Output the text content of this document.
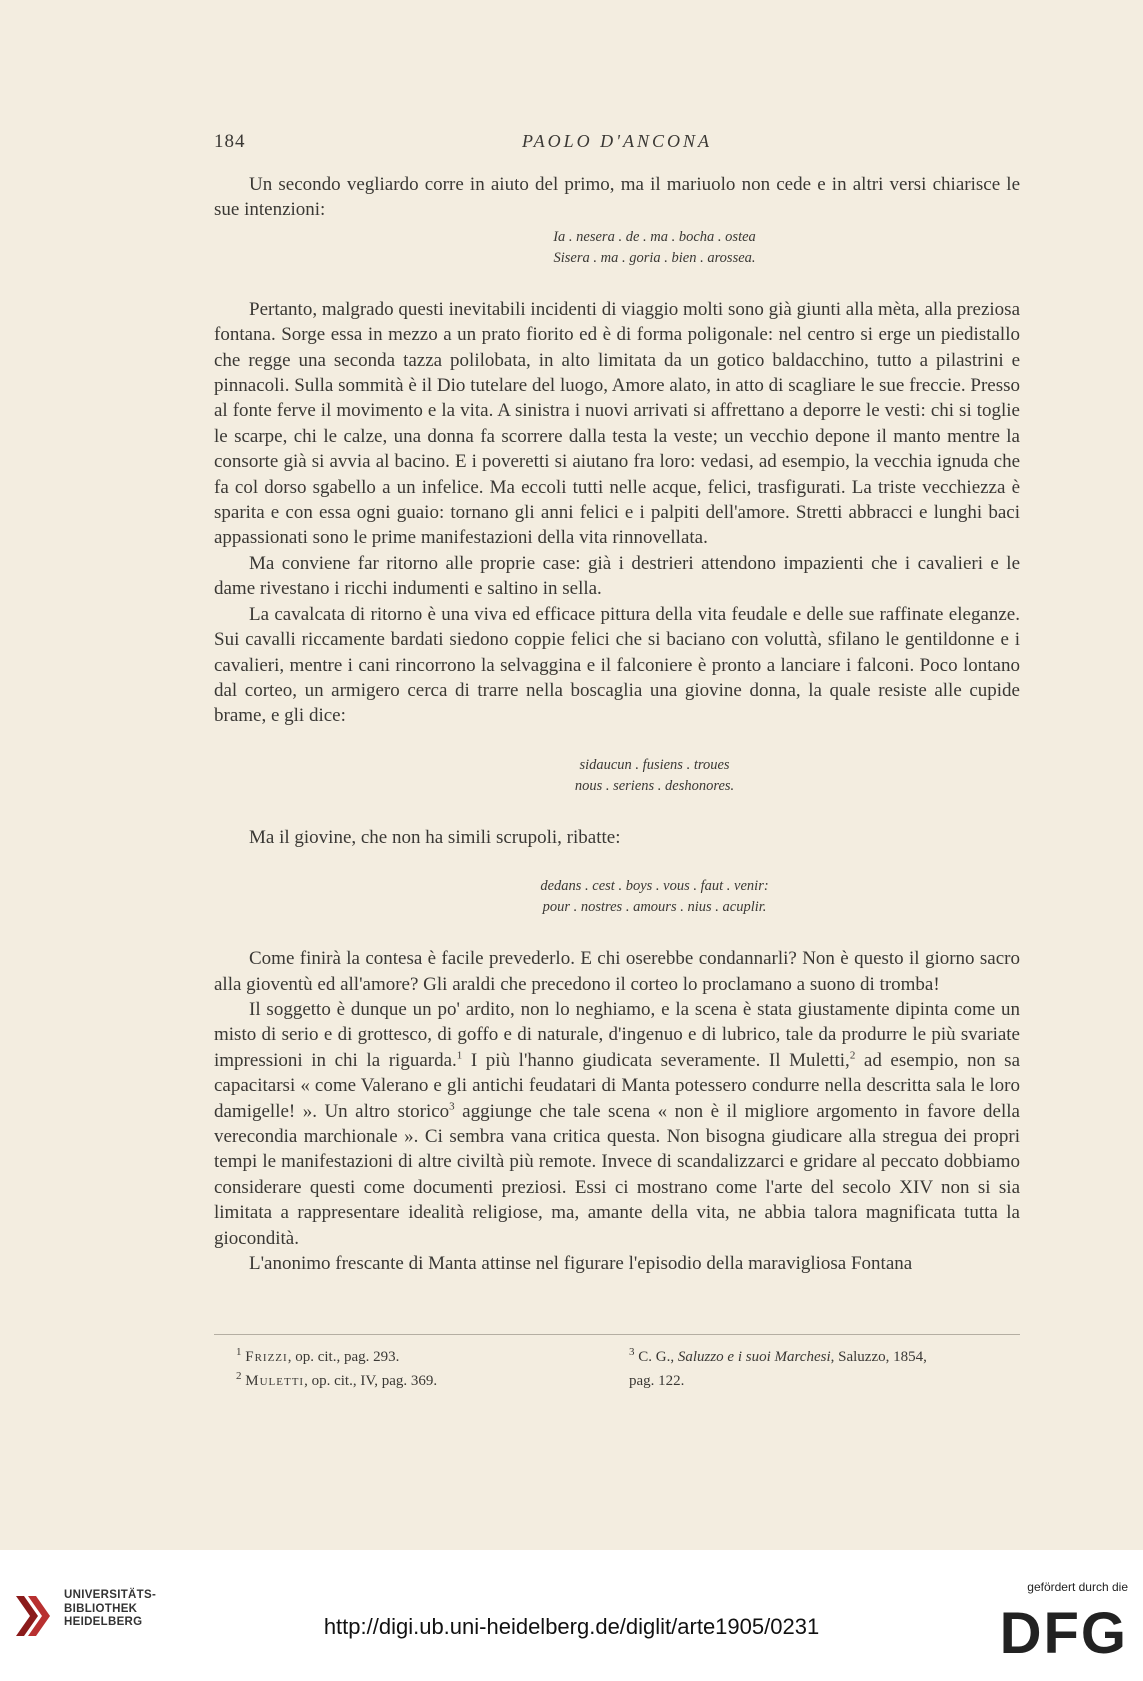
184	PAOLO D'ANCONA

Un secondo vegliardo corre in aiuto del primo, ma il mariuolo non cede e in altri versi chiarisce le sue intenzioni:

Ia . nesera . de . ma . bocha . ostea

Sisera . ma . goria . bien . arossea.

Pertanto, malgrado questi inevitabili incidenti di viaggio molti sono già giunti alla mèta, alla preziosa fontana. Sorge essa in mezzo a un prato fiorito ed è di forma poligonale: nel centro si erge un piedistallo che regge una seconda tazza polilobata, in alto limitata da un gotico baldacchino, tutto a pilastrini e pinnacoli. Sulla sommità è il Dio tutelare del luogo, Amore alato, in atto di scagliare le sue freccie. Presso al fonte ferve il movimento e la vita. A sinistra i nuovi arrivati si affrettano a deporre le vesti: chi si toglie le scarpe, chi le calze, una donna fa scorrere dalla testa la veste; un vecchio depone il manto mentre la consorte già si avvia al bacino. E i poveretti si aiutano fra loro: vedasi, ad esempio, la vecchia ignuda che fa col dorso sgabello a un infelice. Ma eccoli tutti nelle acque, felici, trasfigurati. La triste vecchiezza è sparita e con essa ogni guaio: tornano gli anni felici e i palpiti dell'amore. Stretti abbracci e lunghi baci appassionati sono le prime manifestazioni della vita rinnovellata.

Ma conviene far ritorno alle proprie case: già i destrieri attendono impazienti che i cavalieri e le dame rivestano i ricchi indumenti e saltino in sella.

La cavalcata di ritorno è una viva ed efficace pittura della vita feudale e delle sue raffinate eleganze. Sui cavalli riccamente bardati siedono coppie felici che si baciano con voluttà, sfilano le gentildonne e i cavalieri, mentre i cani rincorrono la selvaggina e il falconiere è pronto a lanciare i falconi. Poco lontano dal corteo, un armigero cerca di trarre nella boscaglia una giovine donna, la quale resiste alle cupide brame, e gli dice:

sidaucun . fusiens . troues

nous . seriens . deshonores.

Ma il giovine, che non ha simili scrupoli, ribatte:

dedans . cest . boys . vous . faut . venir:

pour . nostres . amours . nius . acuplir.

Come finirà la contesa è facile prevederlo. E chi oserebbe condannarli? Non è questo il giorno sacro alla gioventù ed all'amore? Gli araldi che precedono il corteo lo proclamano a suono di tromba!

Il soggetto è dunque un po' ardito, non lo neghiamo, e la scena è stata giustamente dipinta come un misto di serio e di grottesco, di goffo e di naturale, d'ingenuo e di lubrico, tale da produrre le più svariate impressioni in chi la riguarda.$^1$ I più l'hanno giudicata severamente. Il Muletti,$^2$ ad esempio, non sa capacitarsi « come Valerano e gli antichi feudatari di Manta potessero condurre nella descritta sala le loro damigelle! ». Un altro storico$^3$ aggiunge che tale scena « non è il migliore argomento in favore della verecondia marchionale ». Ci sembra vana critica questa. Non bisogna giudicare alla stregua dei propri tempi le manifestazioni di altre civiltà più remote. Invece di scandalizzarci e gridare al peccato dobbiamo considerare questi come documenti preziosi. Essi ci mostrano come l'arte del secolo XIV non si sia limitata a rappresentare idealità religiose, ma, amante della vita, ne abbia talora magnificata tutta la giocondità.

L'anonimo frescante di Manta attinse nel figurare l'episodio della maravigliosa Fontana

$^1$ Frizzi, op. cit., pag. 293.
$^2$ Muletti, op. cit., IV, pag. 369.
$^3$ C. G., Saluzzo e i suoi Marchesi, Saluzzo, 1854,
pag. 122.
UNIVERSITÄTS-
BIBLIOTHEK
HEIDELBERG	http://digi.ub.uni-heidelberg.de/diglit/arte1905/0231
gefördert durch die
DFG
